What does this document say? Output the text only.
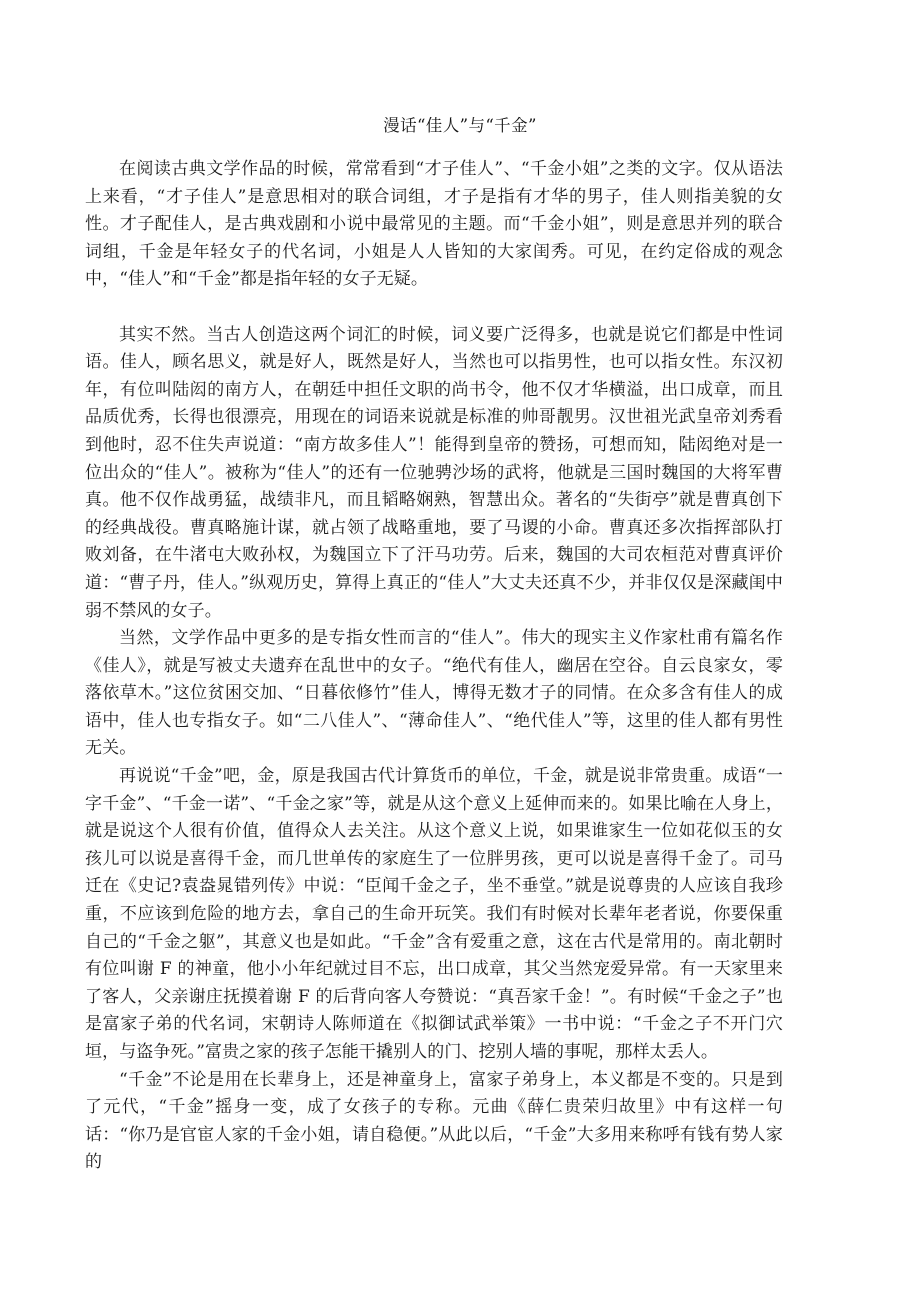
漫话“佳人”与“千金”

在阅读古典文学作品的时候，常常看到“才子佳人”、“千金小姐”之类的文字。仅从语法上来看，“才子佳人”是意思相对的联合词组，才子是指有才华的男子，佳人则指美貌的女性。才子配佳人，是古典戏剧和小说中最常见的主题。而“千金小姐”，则是意思并列的联合词组，千金是年轻女子的代名词，小姐是人人皆知的大家闺秀。可见，在约定俗成的观念中，“佳人”和“千金”都是指年轻的女子无疑。

其实不然。当古人创造这两个词汇的时候，词义要广泛得多，也就是说它们都是中性词语。佳人，顾名思义，就是好人，既然是好人，当然也可以指男性，也可以指女性。东汉初年，有位叫陆闳的南方人，在朝廷中担任文职的尚书令，他不仅才华横溢，出口成章，而且品质优秀，长得也很漂亮，用现在的词语来说就是标准的帅哥靓男。汉世祖光武皇帝刘秀看到他时，忍不住失声说道：“南方故多佳人”！能得到皇帝的赞扬，可想而知，陆闳绝对是一位出众的“佳人”。被称为“佳人”的还有一位驰骋沙场的武将，他就是三国时魏国的大将军曹真。他不仅作战勇猛，战绩非凡，而且韬略娴熟，智慧出众。著名的“失街亭”就是曹真创下的经典战役。曹真略施计谋，就占领了战略重地，要了马谡的小命。曹真还多次指挥部队打败刘备，在牛渚屯大败孙权，为魏国立下了汗马功劳。后来，魏国的大司农桓范对曹真评价道：“曹子丹，佳人。”纵观历史，算得上真正的“佳人”大丈夫还真不少，并非仅仅是深藏闺中弱不禁风的女子。

当然，文学作品中更多的是专指女性而言的“佳人”。伟大的现实主义作家杜甫有篇名作《佳人》，就是写被丈夫遗弃在乱世中的女子。“绝代有佳人，幽居在空谷。自云良家女，零落依草木。”这位贫困交加、“日暮依修竹”佳人，博得无数才子的同情。在众多含有佳人的成语中，佳人也专指女子。如“二八佳人”、“薄命佳人”、“绝代佳人”等，这里的佳人都有男性无关。

再说说“千金”吧，金，原是我国古代计算货币的单位，千金，就是说非常贵重。成语“一字千金”、“千金一诺”、“千金之家”等，就是从这个意义上延伸而来的。如果比喻在人身上，就是说这个人很有价值，值得众人去关注。从这个意义上说，如果谁家生一位如花似玉的女孩儿可以说是喜得千金，而几世单传的家庭生了一位胖男孩，更可以说是喜得千金了。司马迁在《史记?袁盎晁错列传》中说：“臣闻千金之子，坐不垂堂。”就是说尊贵的人应该自我珍重，不应该到危险的地方去，拿自己的生命开玩笑。我们有时候对长辈年老者说，你要保重自己的“千金之躯”，其意义也是如此。“千金”含有爱重之意，这在古代是常用的。南北朝时有位叫谢 F 的神童，他小小年纪就过目不忘，出口成章，其父当然宠爱异常。有一天家里来了客人，父亲谢庄抚摸着谢 F 的后背向客人夸赞说：“真吾家千金！”。有时候“千金之子”也是富家子弟的代名词，宋朝诗人陈师道在《拟御试武举策》一书中说：“千金之子不开门穴垣，与盗争死。”富贵之家的孩子怎能干撬别人的门、挖别人墙的事呢，那样太丢人。

“千金”不论是用在长辈身上，还是神童身上，富家子弟身上，本义都是不变的。只是到了元代，“千金”摇身一变，成了女孩子的专称。元曲《薛仁贵荣归故里》中有这样一句话：“你乃是官宦人家的千金小姐，请自稳便。”从此以后，“千金”大多用来称呼有钱有势人家的
